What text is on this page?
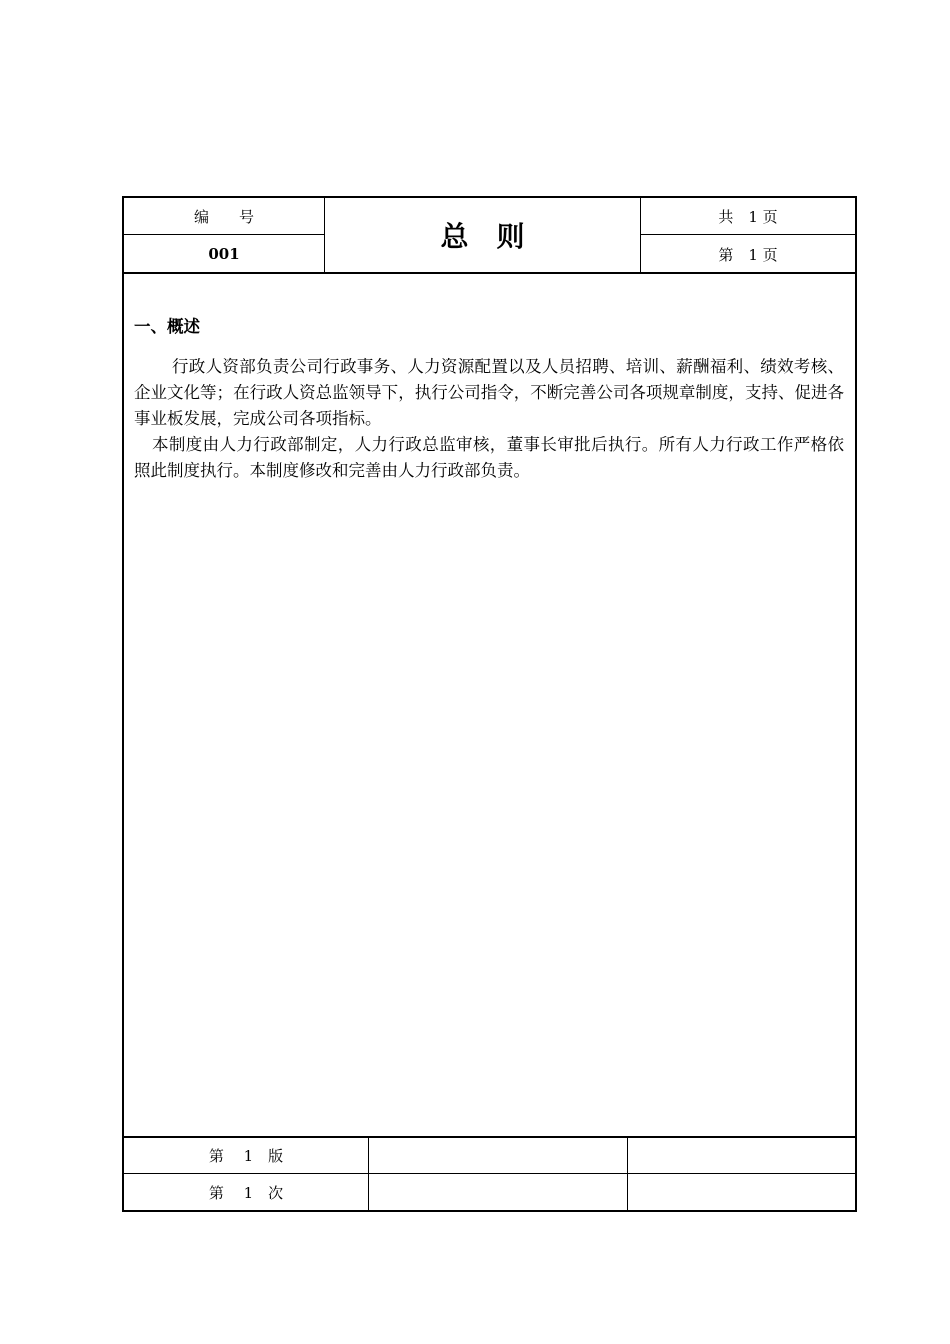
编　　号
001
总则
共　1 页
第　1 页
一、概述

行政人资部负责公司行政事务、人力资源配置以及人员招聘、培训、薪酬福利、绩效考核、企业文化等；在行政人资总监领导下，执行公司指令，不断完善公司各项规章制度，支持、促进各事业板发展，完成公司各项指标。

本制度由人力行政部制定，人力行政总监审核，董事长审批后执行。所有人力行政工作严格依照此制度执行。本制度修改和完善由人力行政部负责。

第　 1　版
第　 1　次
